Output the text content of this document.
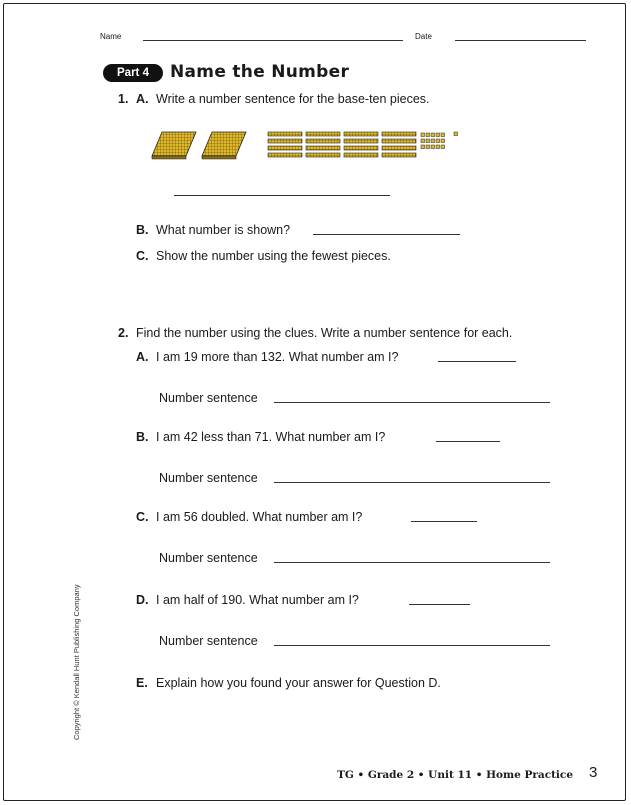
Name	Date
Part 4	Name the Number
1. A. Write a number sentence for the base-ten pieces.
B. What number is shown?
C. Show the number using the fewest pieces.
2. Find the number using the clues. Write a number sentence for each.
A. I am 19 more than 132. What number am I?
Number sentence
B. I am 42 less than 71. What number am I?
Number sentence
C. I am 56 doubled. What number am I?
Number sentence
D. I am half of 190. What number am I?
Number sentence
E. Explain how you found your answer for Question D.
Copyright © Kendall Hunt Publishing Company
TG • Grade 2 • Unit 11 • Home Practice 3
